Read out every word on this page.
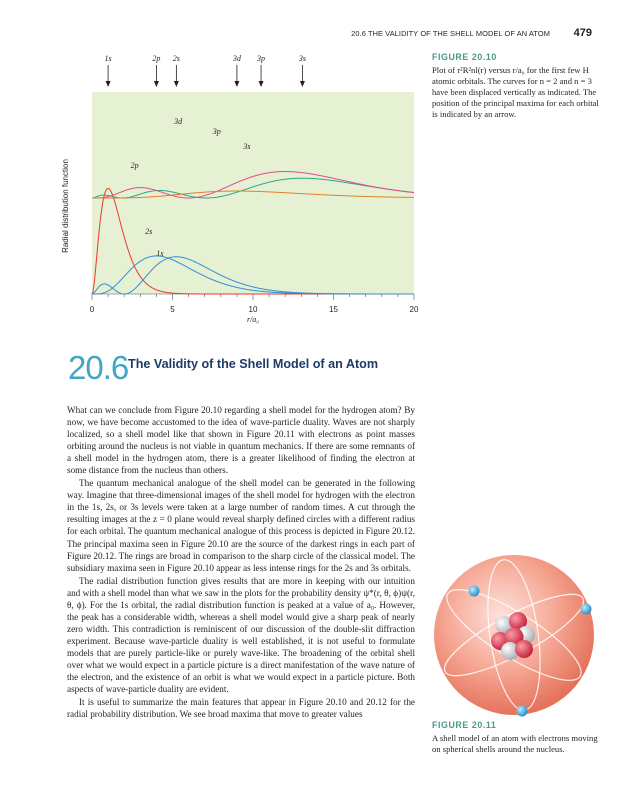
20.6 THE VALIDITY OF THE SHELL MODEL OF AN ATOM 479
0	5	10	15	20
r/a₀
Radial distribution function
1s	2p 2s	3d 3p	3s
1s
2s
2p
3s
3p
3d
FIGURE 20.10
Plot of r²R²nl(r) versus r/a₀ for the first few H atomic orbitals. The curves for n = 2 and n = 3 have been displaced vertically as indicated. The position of the principal maxima for each orbital is indicated by an arrow.
20.6 The Validity of the Shell Model of an Atom

What can we conclude from Figure 20.10 regarding a shell model for the hydrogen atom? By now, we have become accustomed to the idea of wave-particle duality. Waves are not sharply localized, so a shell model like that shown in Figure 20.11 with electrons as point masses orbiting around the nucleus is not viable in quantum mechanics. If there are some remnants of a shell model in the hydrogen atom, there is a greater likelihood of finding the electron at some distance from the nucleus than others.

The quantum mechanical analogue of the shell model can be generated in the following way. Imagine that three-dimensional images of the shell model for hydrogen with the electron in the 1s, 2s, or 3s levels were taken at a large number of random times. A cut through the resulting images at the z = 0 plane would reveal sharply defined circles with a different radius for each orbital. The quantum mechanical analogue of this process is depicted in Figure 20.12. The principal maxima seen in Figure 20.10 are the source of the darkest rings in each part of Figure 20.12. The rings are broad in comparison to the sharp circle of the classical model. The subsidiary maxima seen in Figure 20.10 appear as less intense rings for the 2s and 3s orbitals.

The radial distribution function gives results that are more in keeping with our intuition and with a shell model than what we saw in the plots for the probability density ψ*(r, θ, ϕ)ψ(r, θ, ϕ). For the 1s orbital, the radial distribution function is peaked at a value of a₀. However, the peak has a considerable width, whereas a shell model would give a sharp peak of nearly zero width. This contradiction is reminiscent of our discussion of the double-slit diffraction experiment. Because wave-particle duality is well established, it is not useful to formulate models that are purely particle-like or purely wave-like. The broadening of the orbital shell over what we would expect in a particle picture is a direct manifestation of the wave nature of the electron, and the existence of an orbit is what we would expect in a particle picture. Both aspects of wave-particle duality are evident.

It is useful to summarize the main features that appear in Figure 20.10 and 20.12 for the radial probability distribution. We see broad maxima that move to greater values

FIGURE 20.11
A shell model of an atom with electrons moving on spherical shells around the nucleus.
